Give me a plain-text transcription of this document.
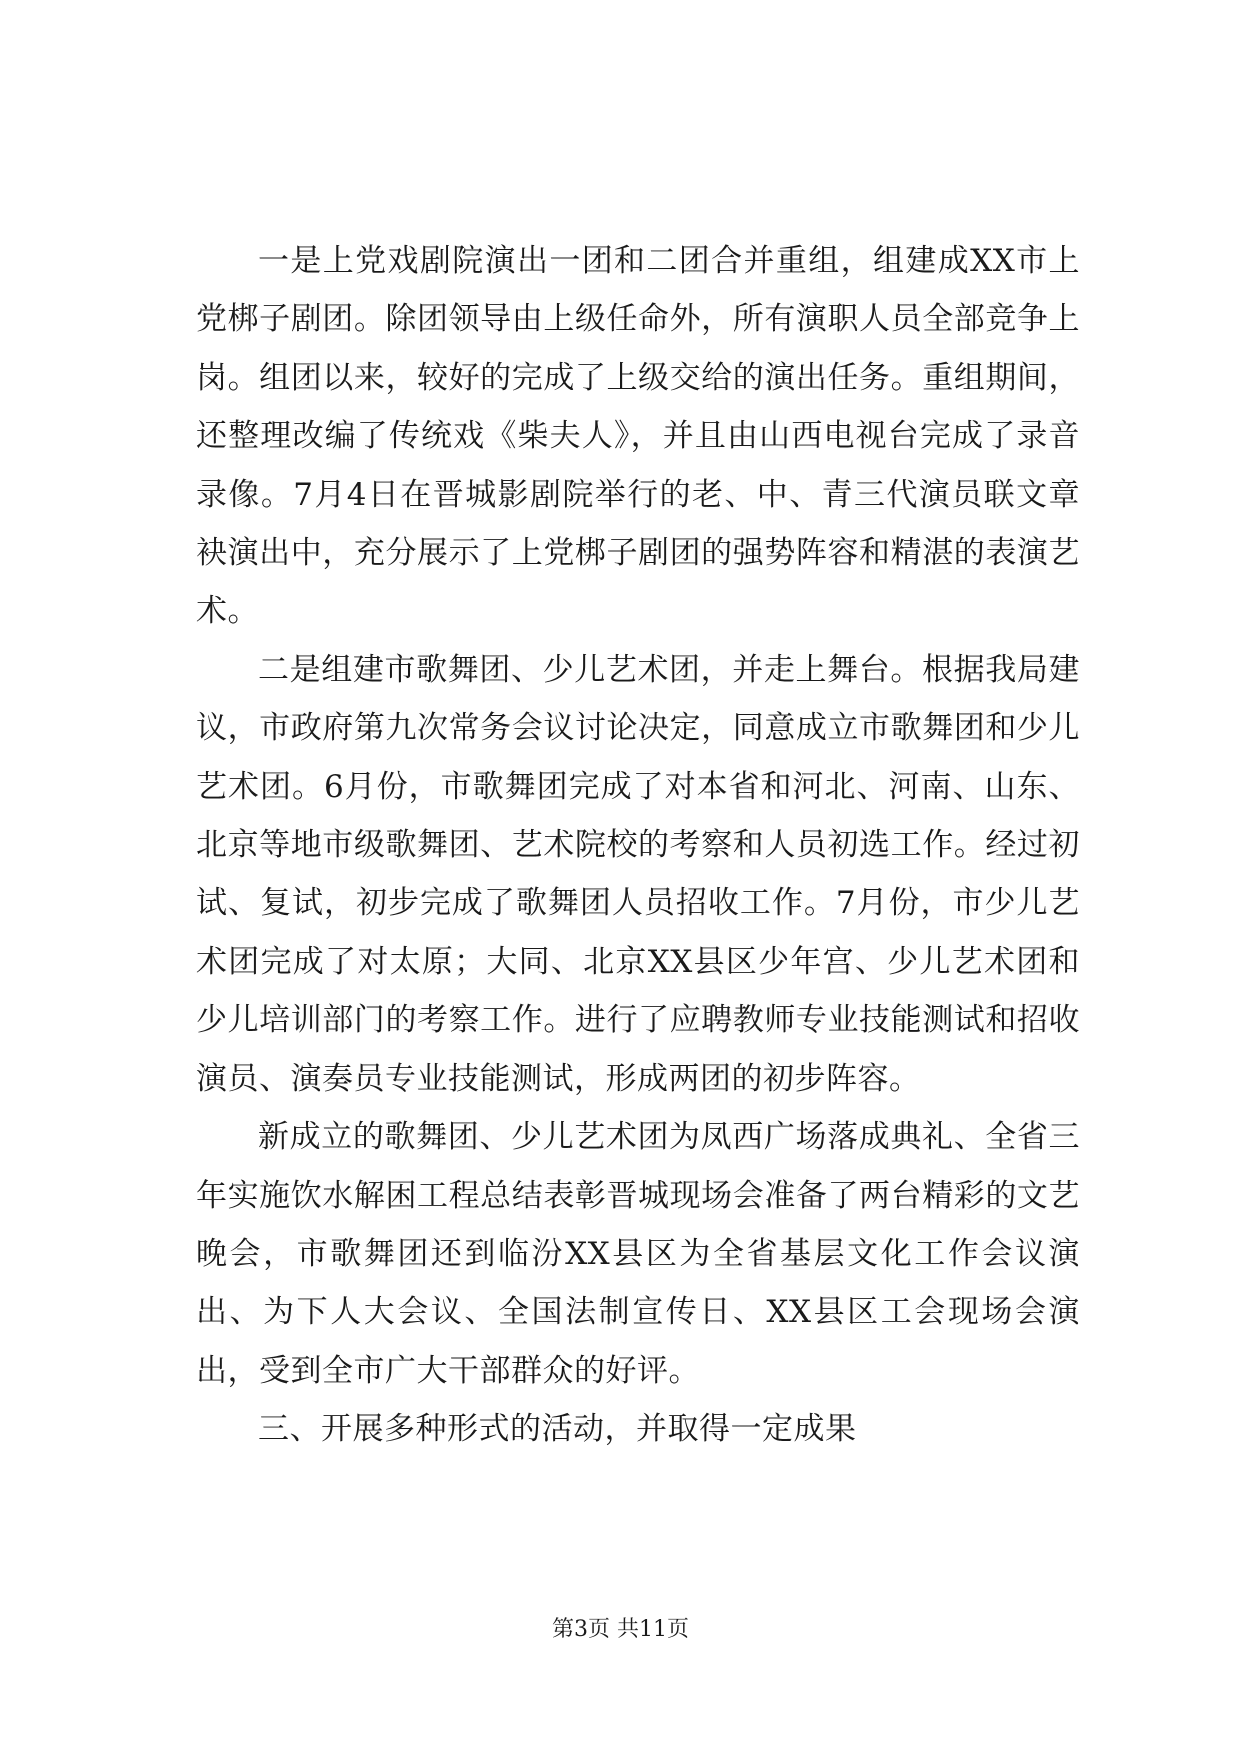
一是上党戏剧院演出一团和二团合并重组，组建成XX市上党梆子剧团。除团领导由上级任命外，所有演职人员全部竞争上岗。组团以来，较好的完成了上级交给的演出任务。重组期间，还整理改编了传统戏《柴夫人》，并且由山西电视台完成了录音录像。7月4日在晋城影剧院举行的老、中、青三代演员联文章袂演出中，充分展示了上党梆子剧团的强势阵容和精湛的表演艺术。

二是组建市歌舞团、少儿艺术团，并走上舞台。根据我局建议，市政府第九次常务会议讨论决定，同意成立市歌舞团和少儿艺术团。6月份，市歌舞团完成了对本省和河北、河南、山东、北京等地市级歌舞团、艺术院校的考察和人员初选工作。经过初试、复试，初步完成了歌舞团人员招收工作。7月份，市少儿艺术团完成了对太原；大同、北京XX县区少年宫、少儿艺术团和少儿培训部门的考察工作。进行了应聘教师专业技能测试和招收演员、演奏员专业技能测试，形成两团的初步阵容。

新成立的歌舞团、少儿艺术团为凤西广场落成典礼、全省三年实施饮水解困工程总结表彰晋城现场会准备了两台精彩的文艺晚会，市歌舞团还到临汾XX县区为全省基层文化工作会议演出、为下人大会议、全国法制宣传日、XX县区工会现场会演出，受到全市广大干部群众的好评。

三、开展多种形式的活动，并取得一定成果

第3页 共11页
